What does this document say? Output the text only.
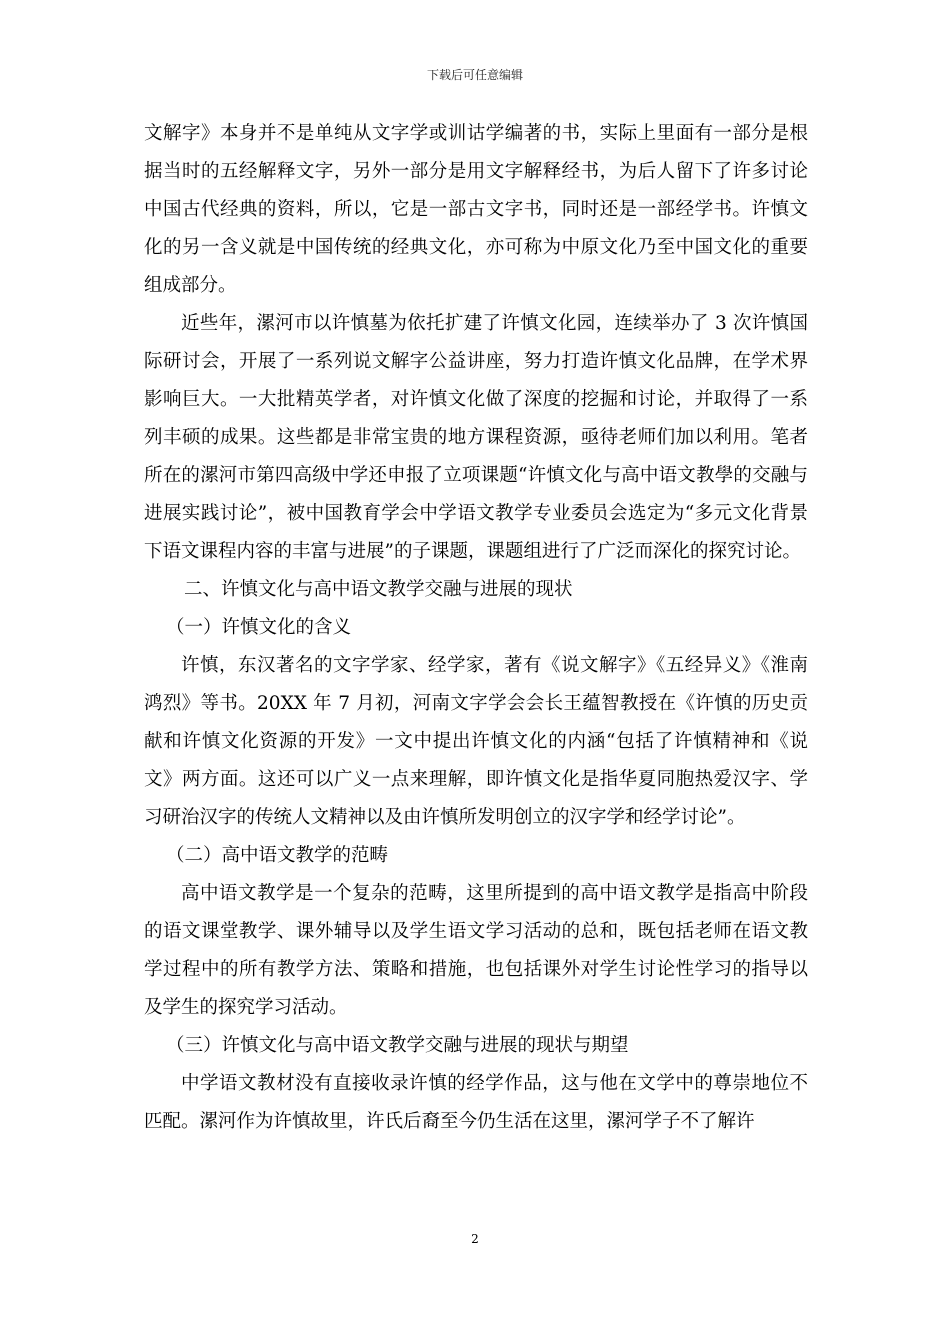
下载后可任意编辑

文解字》本身并不是单纯从文字学或训诂学编著的书，实际上里面有一部分是根据当时的五经解释文字，另外一部分是用文字解释经书，为后人留下了许多讨论中国古代经典的资料，所以，它是一部古文字书，同时还是一部经学书。许慎文化的另一含义就是中国传统的经典文化，亦可称为中原文化乃至中国文化的重要组成部分。

近些年，漯河市以许慎墓为依托扩建了许慎文化园，连续举办了 3 次许慎国际研讨会，开展了一系列说文解字公益讲座，努力打造许慎文化品牌，在学术界影响巨大。一大批精英学者，对许慎文化做了深度的挖掘和讨论，并取得了一系列丰硕的成果。这些都是非常宝贵的地方课程资源，亟待老师们加以利用。笔者所在的漯河市第四高级中学还申报了立项课题“许慎文化与高中语文教學的交融与进展实践讨论”，被中国教育学会中学语文教学专业委员会选定为“多元文化背景下语文课程内容的丰富与进展”的子课题，课题组进行了广泛而深化的探究讨论。

二、许慎文化与高中语文教学交融与进展的现状

（一）许慎文化的含义

许慎，东汉著名的文字学家、经学家，著有《说文解字》《五经异义》《淮南鸿烈》等书。20XX 年 7 月初，河南文字学会会长王蕴智教授在《许慎的历史贡献和许慎文化资源的开发》一文中提出许慎文化的内涵“包括了许慎精神和《说文》两方面。这还可以广义一点来理解，即许慎文化是指华夏同胞热爱汉字、学习研治汉字的传统人文精神以及由许慎所发明创立的汉字学和经学讨论”。

（二）高中语文教学的范畴

高中语文教学是一个复杂的范畴，这里所提到的高中语文教学是指高中阶段的语文课堂教学、课外辅导以及学生语文学习活动的总和，既包括老师在语文教学过程中的所有教学方法、策略和措施，也包括课外对学生讨论性学习的指导以及学生的探究学习活动。

（三）许慎文化与高中语文教学交融与进展的现状与期望

中学语文教材没有直接收录许慎的经学作品，这与他在文学中的尊崇地位不匹配。漯河作为许慎故里，许氏后裔至今仍生活在这里，漯河学子不了解许

2
